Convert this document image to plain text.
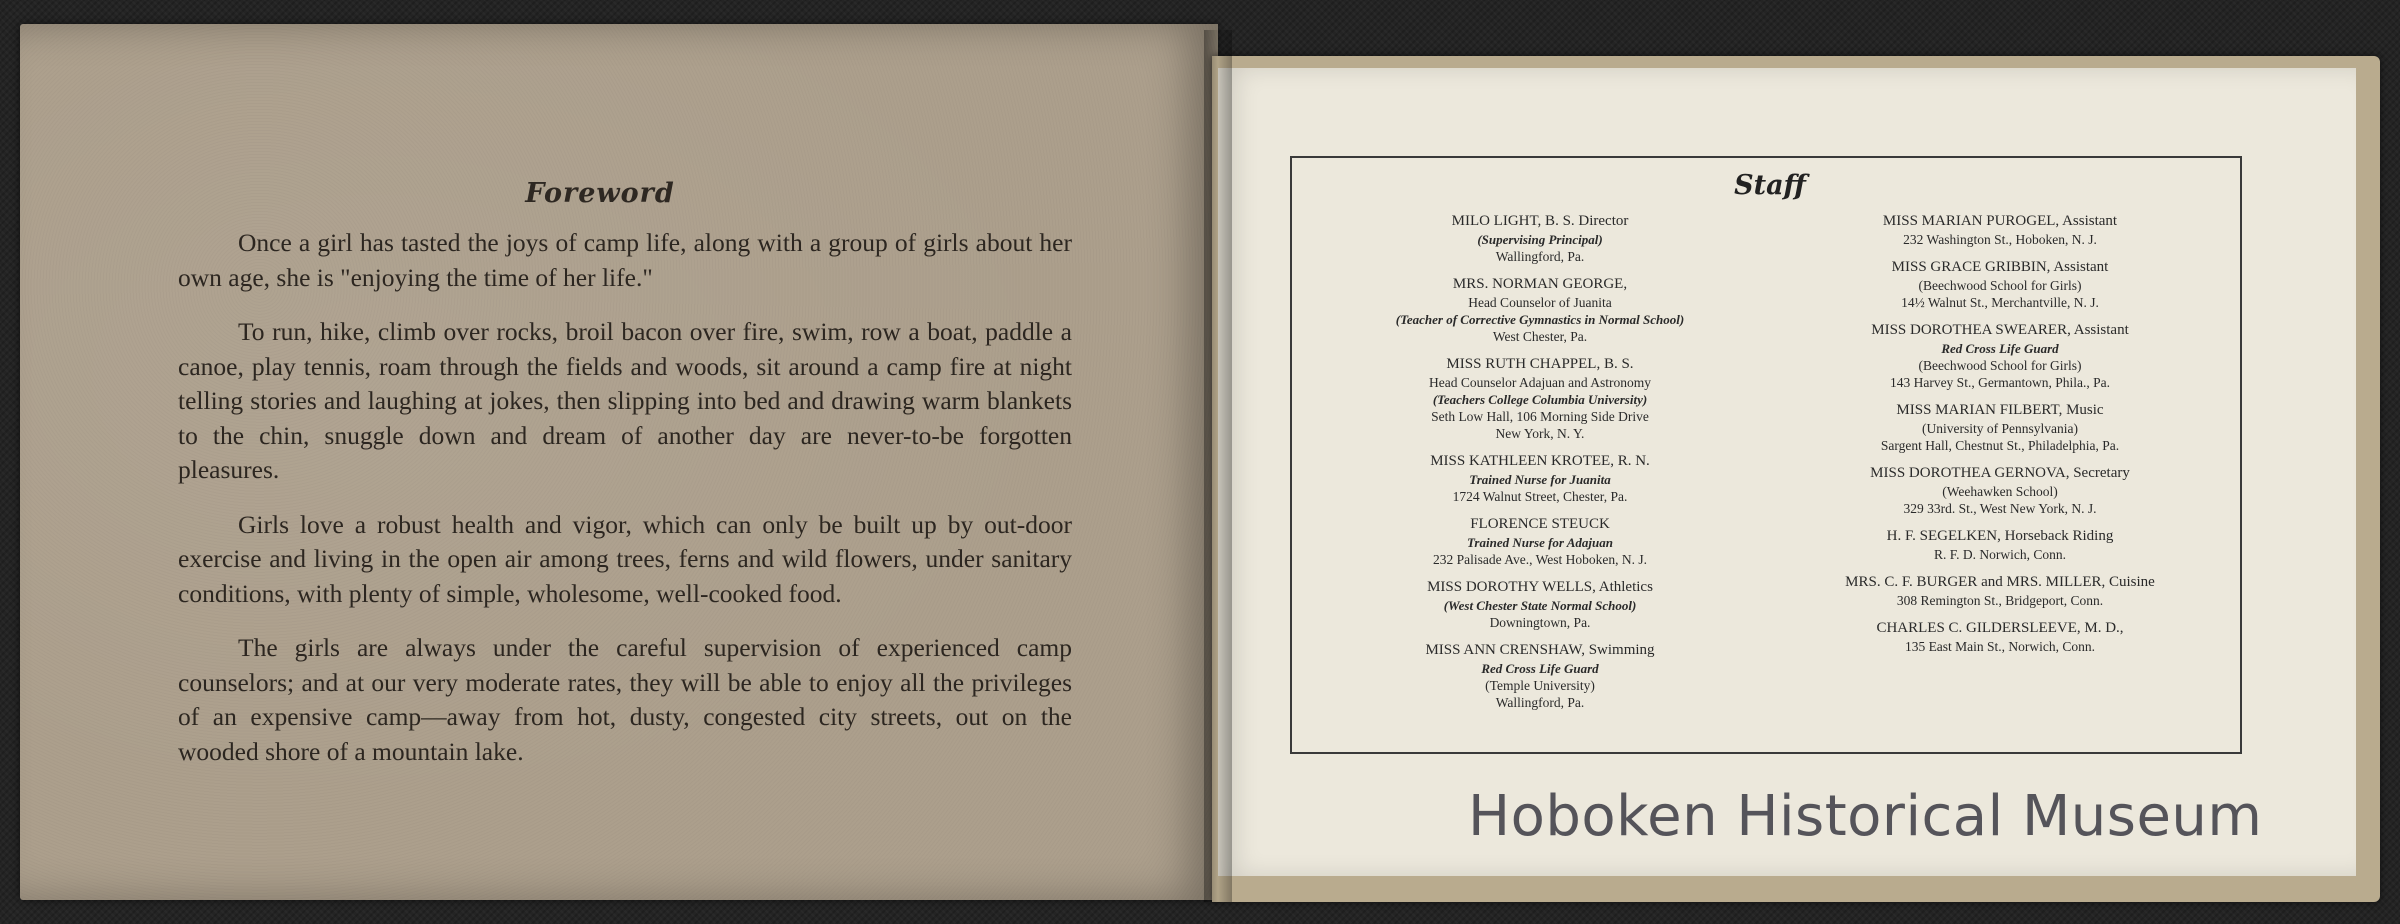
Foreword

Once a girl has tasted the joys of camp life, along with a group of girls about her own age, she is "enjoying the time of her life."

To run, hike, climb over rocks, broil bacon over fire, swim, row a boat, paddle a canoe, play tennis, roam through the fields and woods, sit around a camp fire at night telling stories and laughing at jokes, then slipping into bed and drawing warm blankets to the chin, snuggle down and dream of another day are never-to-be forgotten pleasures.

Girls love a robust health and vigor, which can only be built up by out-door exercise and living in the open air among trees, ferns and wild flowers, under sanitary conditions, with plenty of simple, wholesome, well-cooked food.

The girls are always under the careful supervision of experienced camp counselors; and at our very moderate rates, they will be able to enjoy all the privileges of an expensive camp—away from hot, dusty, congested city streets, out on the wooded shore of a mountain lake.

Staff
MILO LIGHT, B. S. Director
(Supervising Principal)
Wallingford, Pa.
MRS. NORMAN GEORGE,
Head Counselor of Juanita
(Teacher of Corrective Gymnastics in Normal School)
West Chester, Pa.
MISS RUTH CHAPPEL, B. S.
Head Counselor Adajuan and Astronomy
(Teachers College Columbia University)
Seth Low Hall, 106 Morning Side Drive
New York, N. Y.
MISS KATHLEEN KROTEE, R. N.
Trained Nurse for Juanita
1724 Walnut Street, Chester, Pa.
FLORENCE STEUCK
Trained Nurse for Adajuan
232 Palisade Ave., West Hoboken, N. J.
MISS DOROTHY WELLS, Athletics
(West Chester State Normal School)
Downingtown, Pa.
MISS ANN CRENSHAW, Swimming
Red Cross Life Guard
(Temple University)
Wallingford, Pa.
MISS MARIAN PUROGEL, Assistant
232 Washington St., Hoboken, N. J.
MISS GRACE GRIBBIN, Assistant
(Beechwood School for Girls)
14½ Walnut St., Merchantville, N. J.
MISS DOROTHEA SWEARER, Assistant
Red Cross Life Guard
(Beechwood School for Girls)
143 Harvey St., Germantown, Phila., Pa.
MISS MARIAN FILBERT, Music
(University of Pennsylvania)
Sargent Hall, Chestnut St., Philadelphia, Pa.
MISS DOROTHEA GERNOVA, Secretary
(Weehawken School)
329 33rd. St., West New York, N. J.
H. F. SEGELKEN, Horseback Riding
R. F. D. Norwich, Conn.
MRS. C. F. BURGER and MRS. MILLER, Cuisine
308 Remington St., Bridgeport, Conn.
CHARLES C. GILDERSLEEVE, M. D.,
135 East Main St., Norwich, Conn.
Hoboken Historical Museum
